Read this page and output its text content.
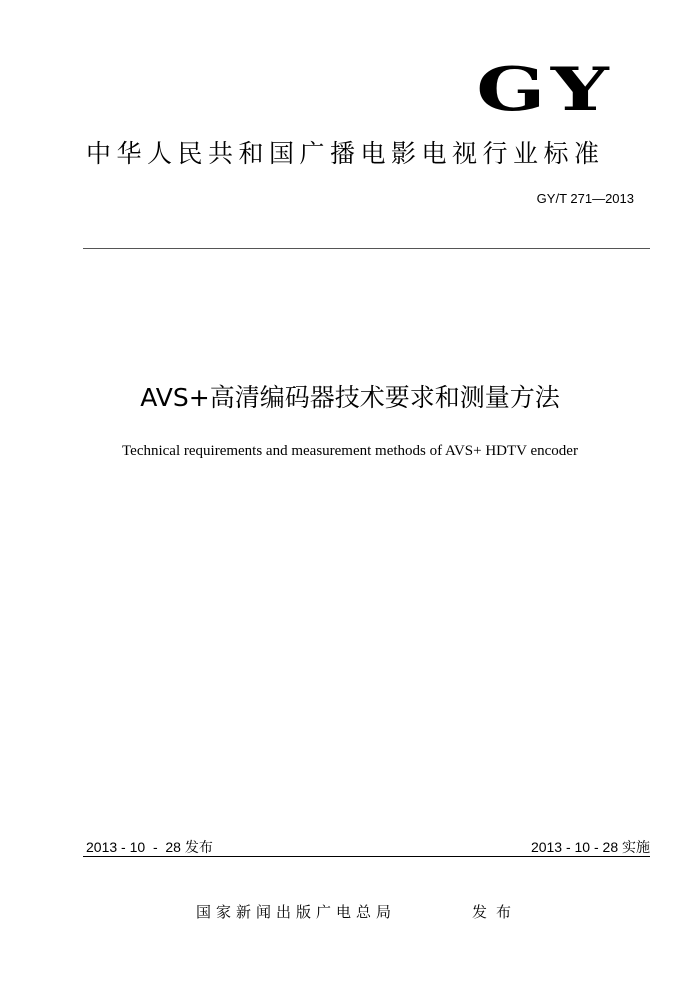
GY
中华人民共和国广播电影电视行业标准
GY/T 271—2013
AVS+高清编码器技术要求和测量方法
Technical requirements and measurement methods of AVS+ HDTV encoder
2013 - 10  -  28 发布	2013 - 10 - 28 实施
国家新闻出版广电总局	发布
